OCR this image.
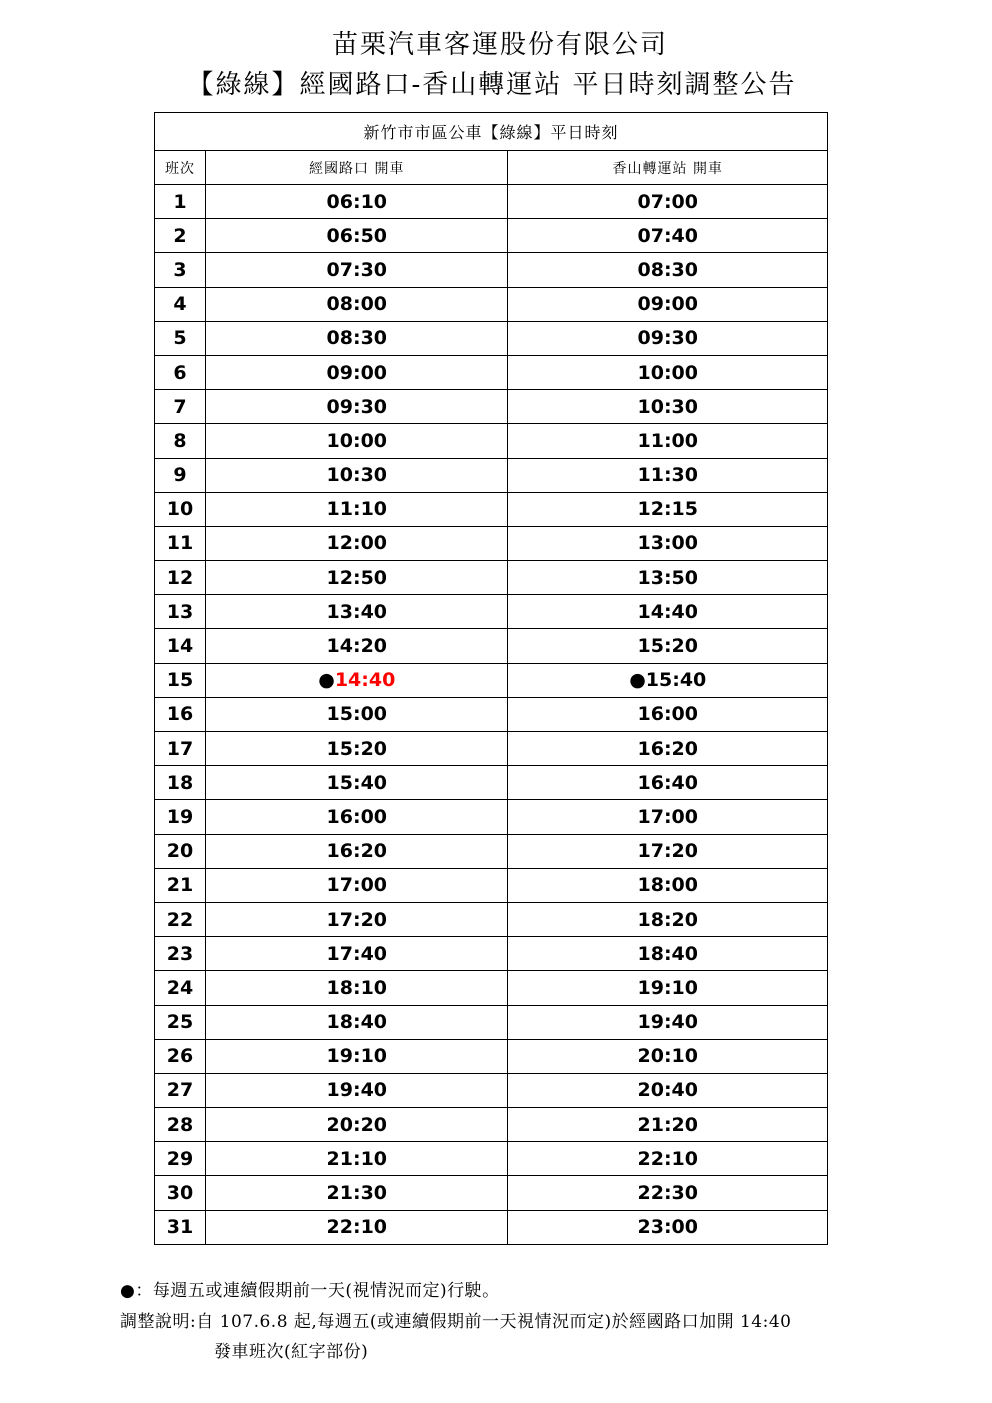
苗栗汽車客運股份有限公司
【綠線】經國路口-香山轉運站 平日時刻調整公告
新竹市市區公車【綠線】平日時刻		
班次	經國路口 開車	香山轉運站 開車
1	06:10	07:00
2	06:50	07:40
3	07:30	08:30
4	08:00	09:00
5	08:30	09:30
6	09:00	10:00
7	09:30	10:30
8	10:00	11:00
9	10:30	11:30
10	11:10	12:15
11	12:00	13:00
12	12:50	13:50
13	13:40	14:40
14	14:20	15:20
15	●14:40	●15:40
16	15:00	16:00
17	15:20	16:20
18	15:40	16:40
19	16:00	17:00
20	16:20	17:20
21	17:00	18:00
22	17:20	18:20
23	17:40	18:40
24	18:10	19:10
25	18:40	19:40
26	19:10	20:10
27	19:40	20:40
28	20:20	21:20
29	21:10	22:10
30	21:30	22:30
31	22:10	23:00
●：每週五或連續假期前一天(視情況而定)行駛。
調整說明:自 107.6.8 起,每週五(或連續假期前一天視情況而定)於經國路口加開 14:40
發車班次(紅字部份)
